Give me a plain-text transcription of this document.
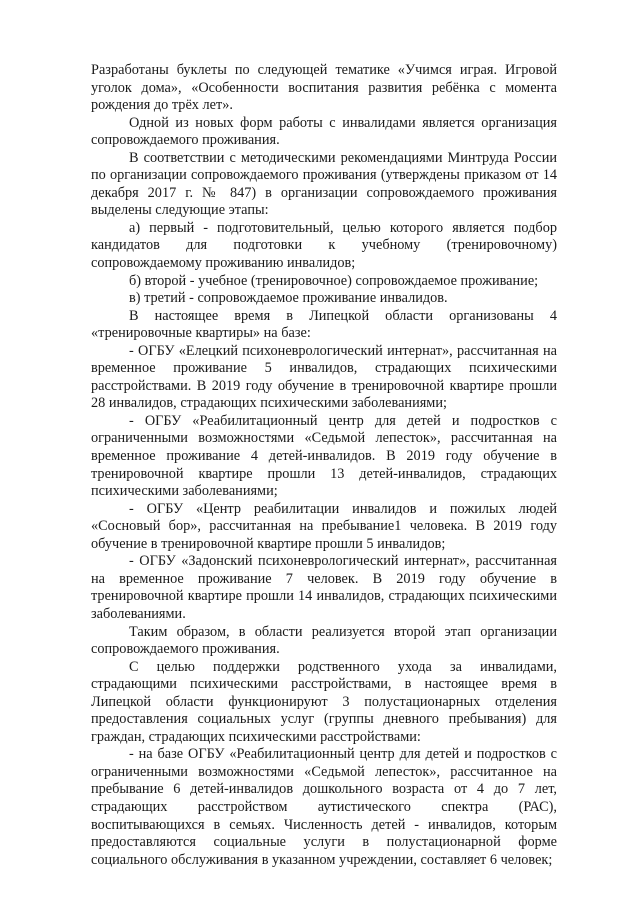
Разработаны буклеты по следующей тематике «Учимся играя. Игровой уголок дома», «Особенности воспитания развития ребёнка с момента рождения до трёх лет».

Одной из новых форм работы с инвалидами является организация сопровождаемого проживания.

В соответствии с методическими рекомендациями Минтруда России по организации сопровождаемого проживания (утверждены приказом от 14 декабря 2017 г. № 847) в организации сопровождаемого проживания выделены следующие этапы:

а) первый - подготовительный, целью которого является подбор кандидатов для подготовки к учебному (тренировочному) сопровождаемому проживанию инвалидов;

б) второй - учебное (тренировочное) сопровождаемое проживание;

в) третий - сопровождаемое проживание инвалидов.

В настоящее время в Липецкой области организованы 4 «тренировочные квартиры» на базе:

- ОГБУ «Елецкий психоневрологический интернат», рассчитанная на временное проживание 5 инвалидов, страдающих психическими расстройствами. В 2019 году обучение в тренировочной квартире прошли 28 инвалидов, страдающих психическими заболеваниями;

- ОГБУ «Реабилитационный центр для детей и подростков с ограниченными возможностями «Седьмой лепесток», рассчитанная на временное проживание 4 детей-инвалидов. В 2019 году обучение в тренировочной квартире прошли 13 детей-инвалидов, страдающих психическими заболеваниями;

- ОГБУ «Центр реабилитации инвалидов и пожилых людей «Сосновый бор», рассчитанная на пребывание1 человека. В 2019 году обучение в тренировочной квартире прошли 5 инвалидов;

- ОГБУ «Задонский психоневрологический интернат», рассчитанная на временное проживание 7 человек. В 2019 году обучение в тренировочной квартире прошли 14 инвалидов, страдающих психическими заболеваниями.

Таким образом, в области реализуется второй этап организации сопровождаемого проживания.

С целью поддержки родственного ухода за инвалидами, страдающими психическими расстройствами, в настоящее время в Липецкой области функционируют 3 полустационарных отделения предоставления социальных услуг (группы дневного пребывания) для граждан, страдающих психическими расстройствами:

- на базе ОГБУ «Реабилитационный центр для детей и подростков с ограниченными возможностями «Седьмой лепесток», рассчитанное на пребывание 6 детей-инвалидов дошкольного возраста от 4 до 7 лет, страдающих расстройством аутистического спектра (РАС), воспитывающихся в семьях. Численность детей - инвалидов, которым предоставляются социальные услуги в полустационарной форме социального обслуживания в указанном учреждении, составляет 6 человек;
